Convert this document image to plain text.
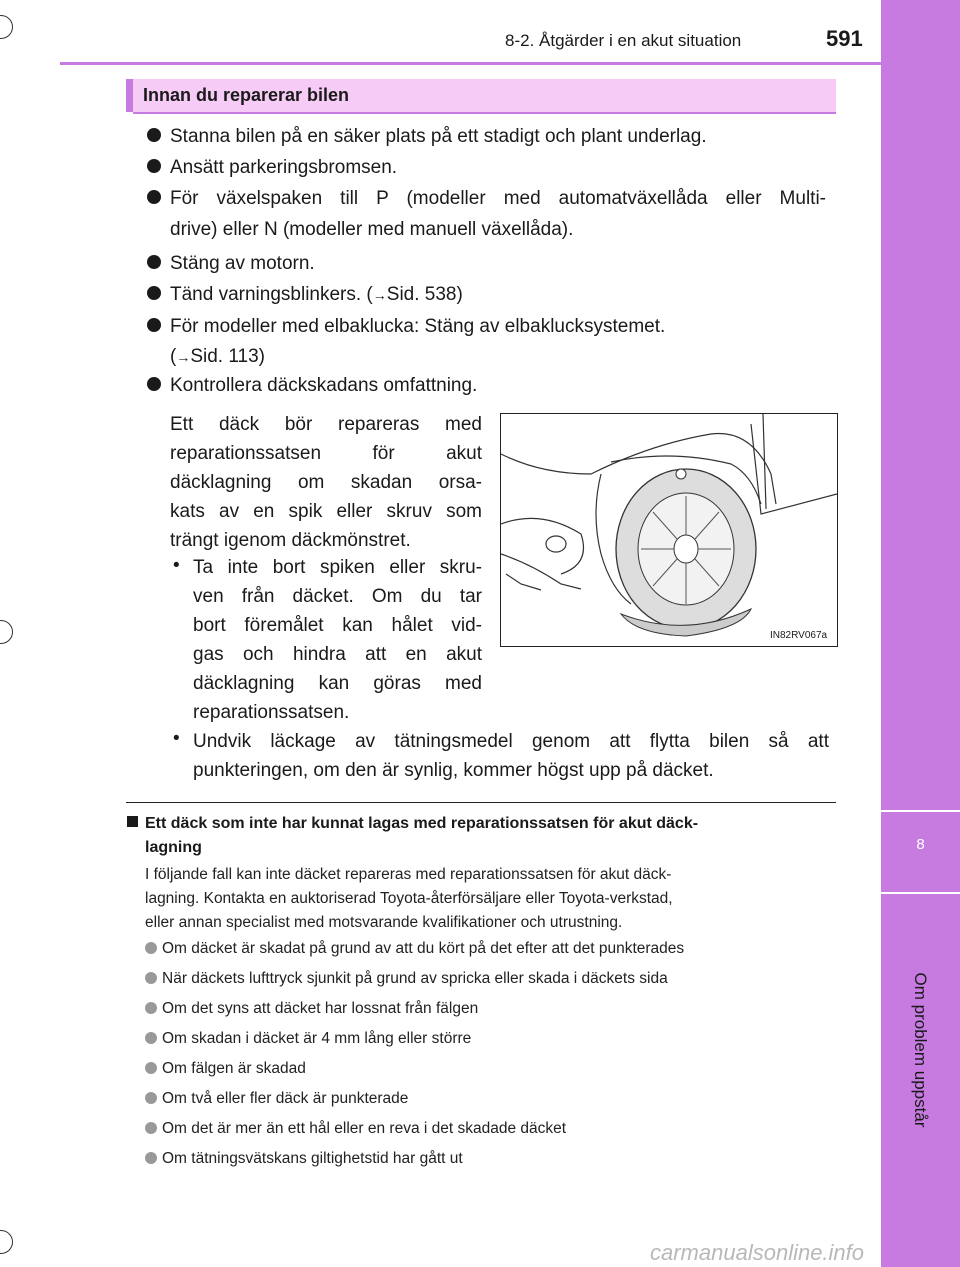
8
Om problem uppstår
8-2. Åtgärder i en akut situation	591
Innan du reparerar bilen
Stanna bilen på en säker plats på ett stadigt och plant underlag.
Ansätt parkeringsbromsen.
För växelspaken till P (modeller med automatväxellåda eller Multi-
drive) eller N (modeller med manuell växellåda).
Stäng av motorn.
Tänd varningsblinkers. (→Sid. 538)
För modeller med elbaklucka: Stäng av elbaklucksystemet.
(→Sid. 113)
Kontrollera däckskadans omfattning.
Ett däck bör repareras med
reparationssatsen för akut
däcklagning om skadan orsa-
kats av en spik eller skruv som
trängt igenom däckmönstret.
• Ta inte bort spiken eller skru-
ven från däcket. Om du tar
bort föremålet kan hålet vid-
gas och hindra att en akut
däcklagning kan göras med
reparationssatsen.
• Undvik läckage av tätningsmedel genom att flytta bilen så att
punkteringen, om den är synlig, kommer högst upp på däcket.
IN82RV067a
Ett däck som inte har kunnat lagas med reparationssatsen för akut däck-
lagning
I följande fall kan inte däcket repareras med reparationssatsen för akut däck-
lagning. Kontakta en auktoriserad Toyota-återförsäljare eller Toyota-verkstad,
eller annan specialist med motsvarande kvalifikationer och utrustning.
Om däcket är skadat på grund av att du kört på det efter att det punkterades
När däckets lufttryck sjunkit på grund av spricka eller skada i däckets sida
Om det syns att däcket har lossnat från fälgen
Om skadan i däcket är 4 mm lång eller större
Om fälgen är skadad
Om två eller fler däck är punkterade
Om det är mer än ett hål eller en reva i det skadade däcket
Om tätningsvätskans giltighetstid har gått ut
carmanualsonline.info
